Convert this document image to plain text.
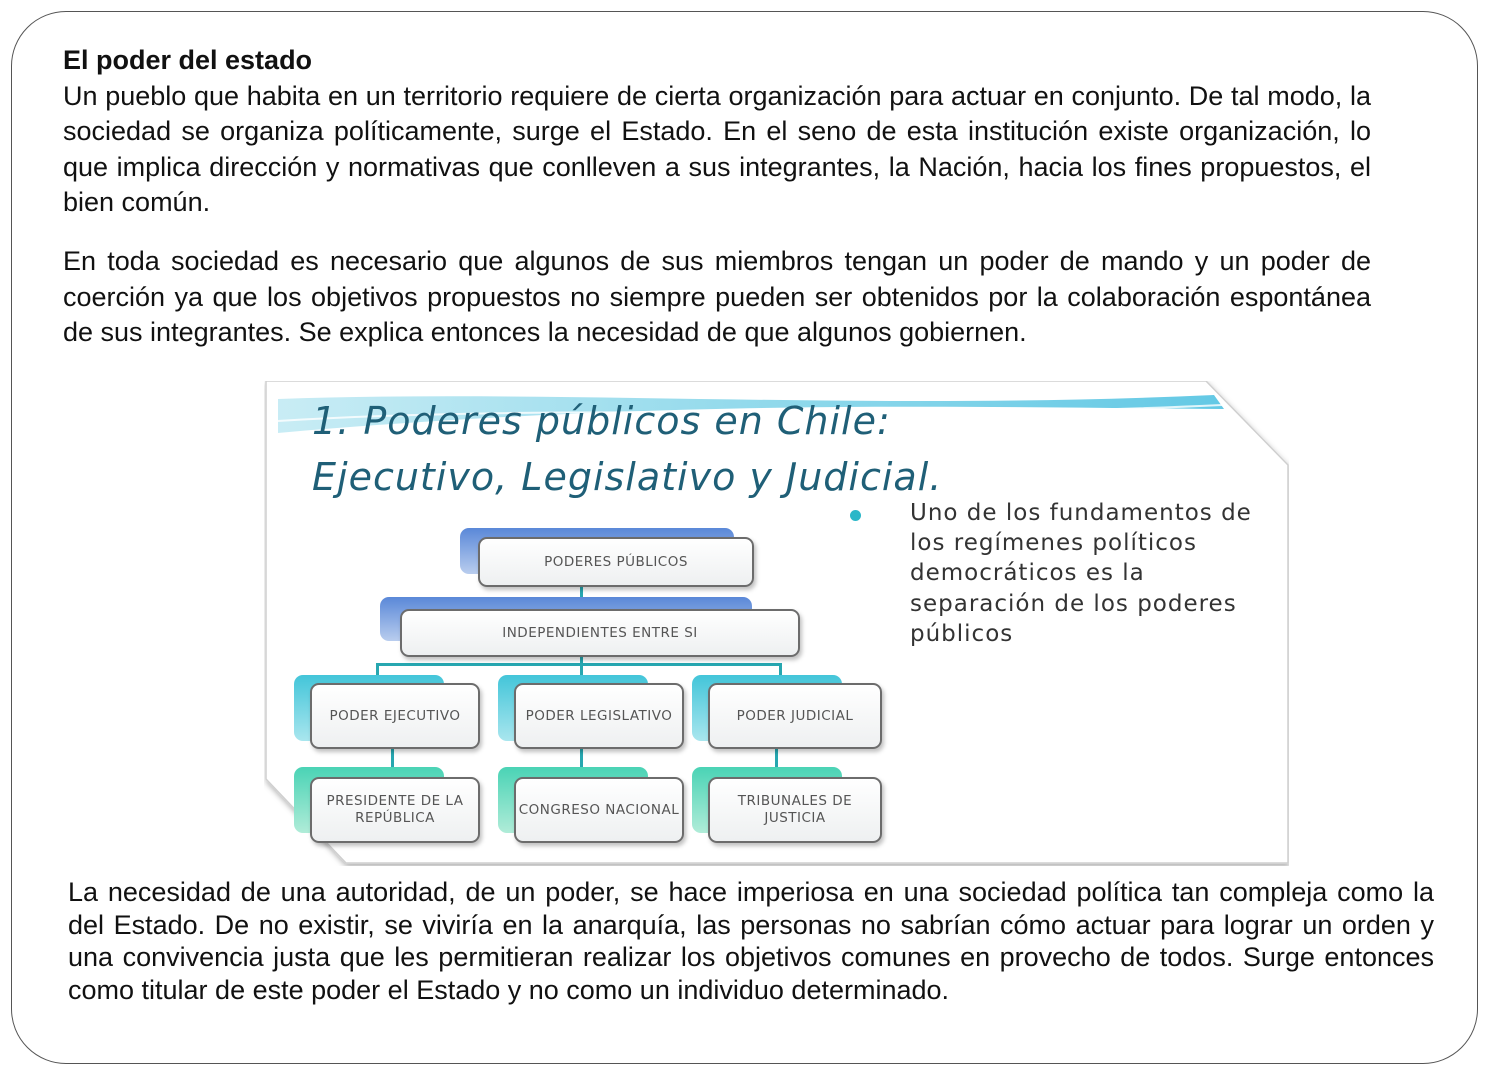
El poder del estado
Un pueblo que habita en un territorio requiere de cierta organización para actuar en conjunto. De tal modo, la sociedad se organiza políticamente, surge el Estado. En el seno de esta institución existe organización, lo que implica dirección y normativas que conlleven a sus integrantes, la Nación, hacia los fines propuestos, el bien común.

En toda sociedad es necesario que algunos de sus miembros tengan un poder de mando y un poder de coerción ya que los objetivos propuestos no siempre pueden ser obtenidos por la colaboración espontánea de sus integrantes. Se explica entonces la necesidad de que algunos gobiernen.

1. Poderes públicos en Chile:
Ejecutivo, Legislativo y Judicial.
Uno de los fundamentos de los regímenes políticos democráticos es la separación de los poderes públicos
PODERES PÚBLICOS
INDEPENDIENTES ENTRE SI
PODER EJECUTIVO	PODER LEGISLATIVO	PODER JUDICIAL
PRESIDENTE DE LA REPÚBLICA
CONGRESO NACIONAL
TRIBUNALES DE JUSTICIA

La necesidad de una autoridad, de un poder, se hace imperiosa en una sociedad política tan compleja como la del Estado. De no existir, se viviría en la anarquía, las personas no sabrían cómo actuar para lograr un orden y una convivencia justa que les permitieran realizar los objetivos comunes en provecho de todos. Surge entonces como titular de este poder el Estado y no como un individuo determinado.
